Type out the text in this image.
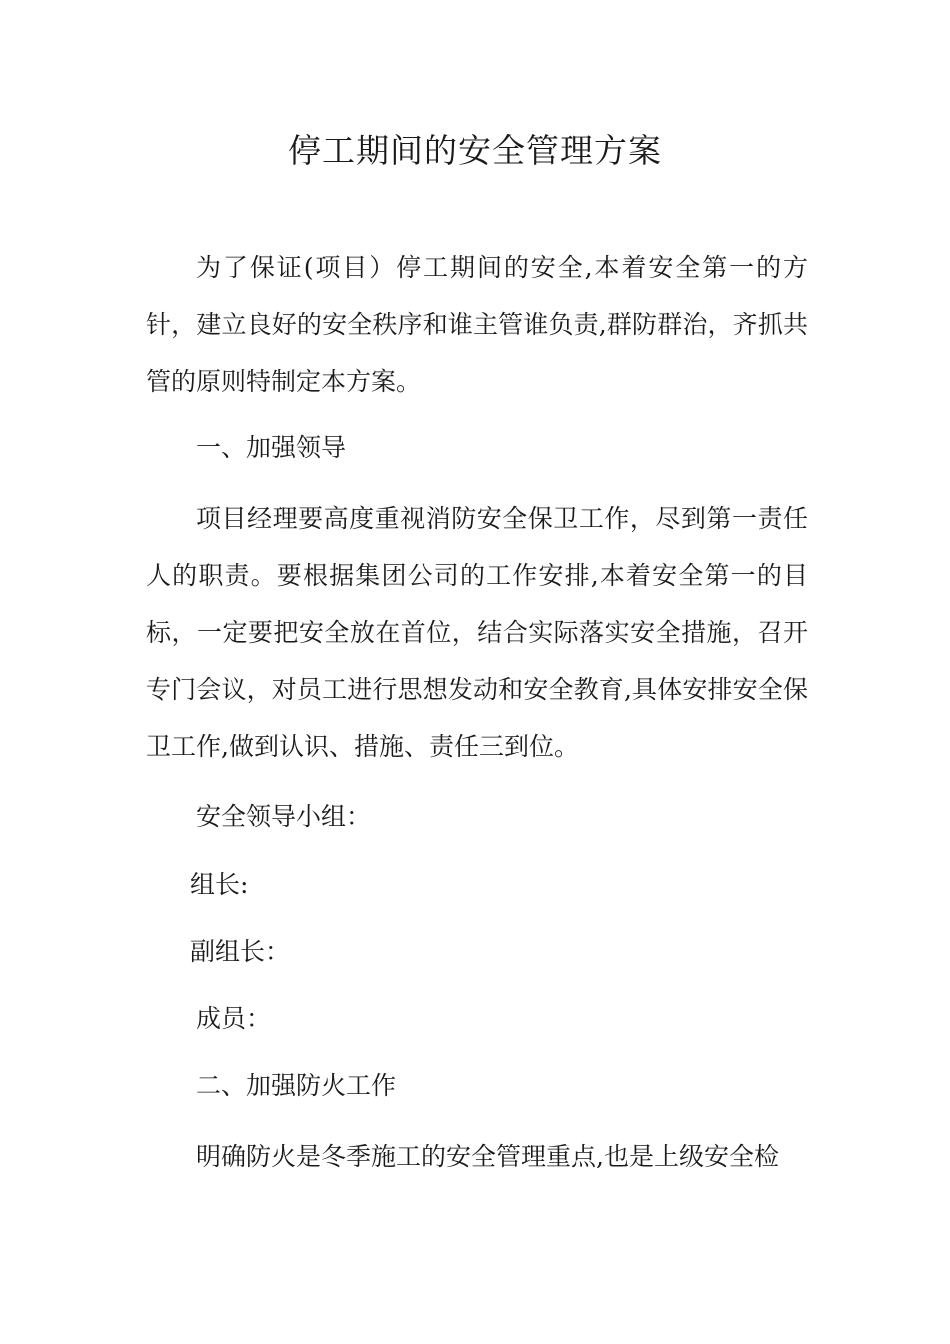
停工期间的安全管理方案

为了保证(项目）停工期间的安全,本着安全第一的方针，建立良好的安全秩序和谁主管谁负责,群防群治，齐抓共管的原则特制定本方案。

一、加强领导

项目经理要高度重视消防安全保卫工作，尽到第一责任人的职责。要根据集团公司的工作安排,本着安全第一的目标，一定要把安全放在首位，结合实际落实安全措施，召开专门会议，对员工进行思想发动和安全教育,具体安排安全保卫工作,做到认识、措施、责任三到位。

安全领导小组：

组长:

副组长：

成员：

二、加强防火工作

明确防火是冬季施工的安全管理重点,也是上级安全检
